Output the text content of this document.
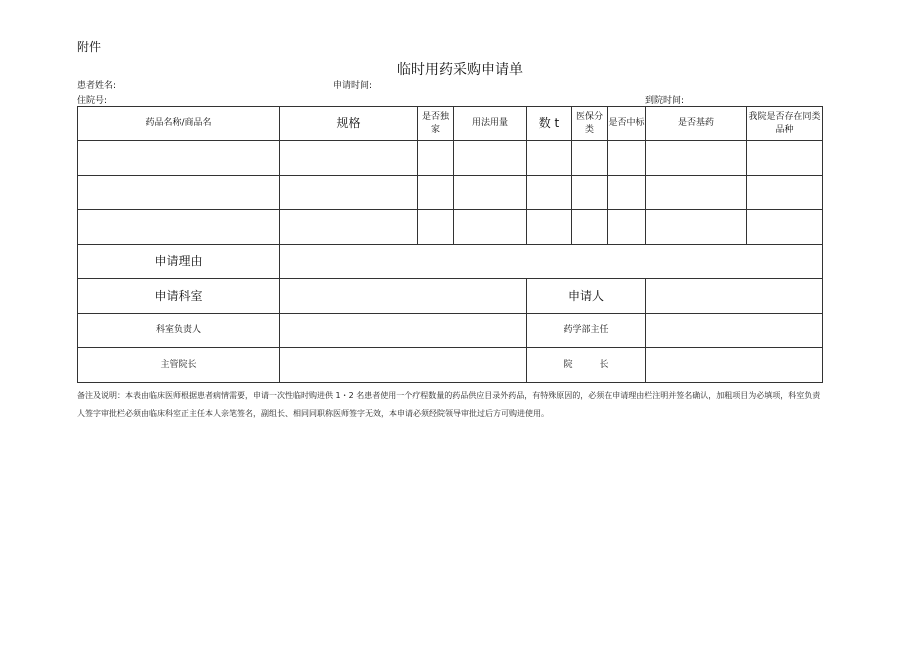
附件
临时用药采购申请单
患者姓名:	申请时间:
住院号:	到院时间:
药品名称/商品名	规格	是否独家	用法用量	数 t	医保分类	是否中标	是否基药	我院是否存在同类品种

申请理由								
申请科室				申请人				
科室负责人				药学部主任				
主管院长				院　　　长				
备注及说明：本表由临床医师根据患者病情需要，申请一次性临时购进供 1・2 名患者使用一个疗程数量的药品供应目录外药品，有特殊原因的，必须在申请理由栏注明并签名确认，加粗项目为必填项，科室负责人签字审批栏必须由临床科室正主任本人亲笔签名，副组长、相同同职称医师签字无效，本申请必须经院领导审批过后方可购进使用。
